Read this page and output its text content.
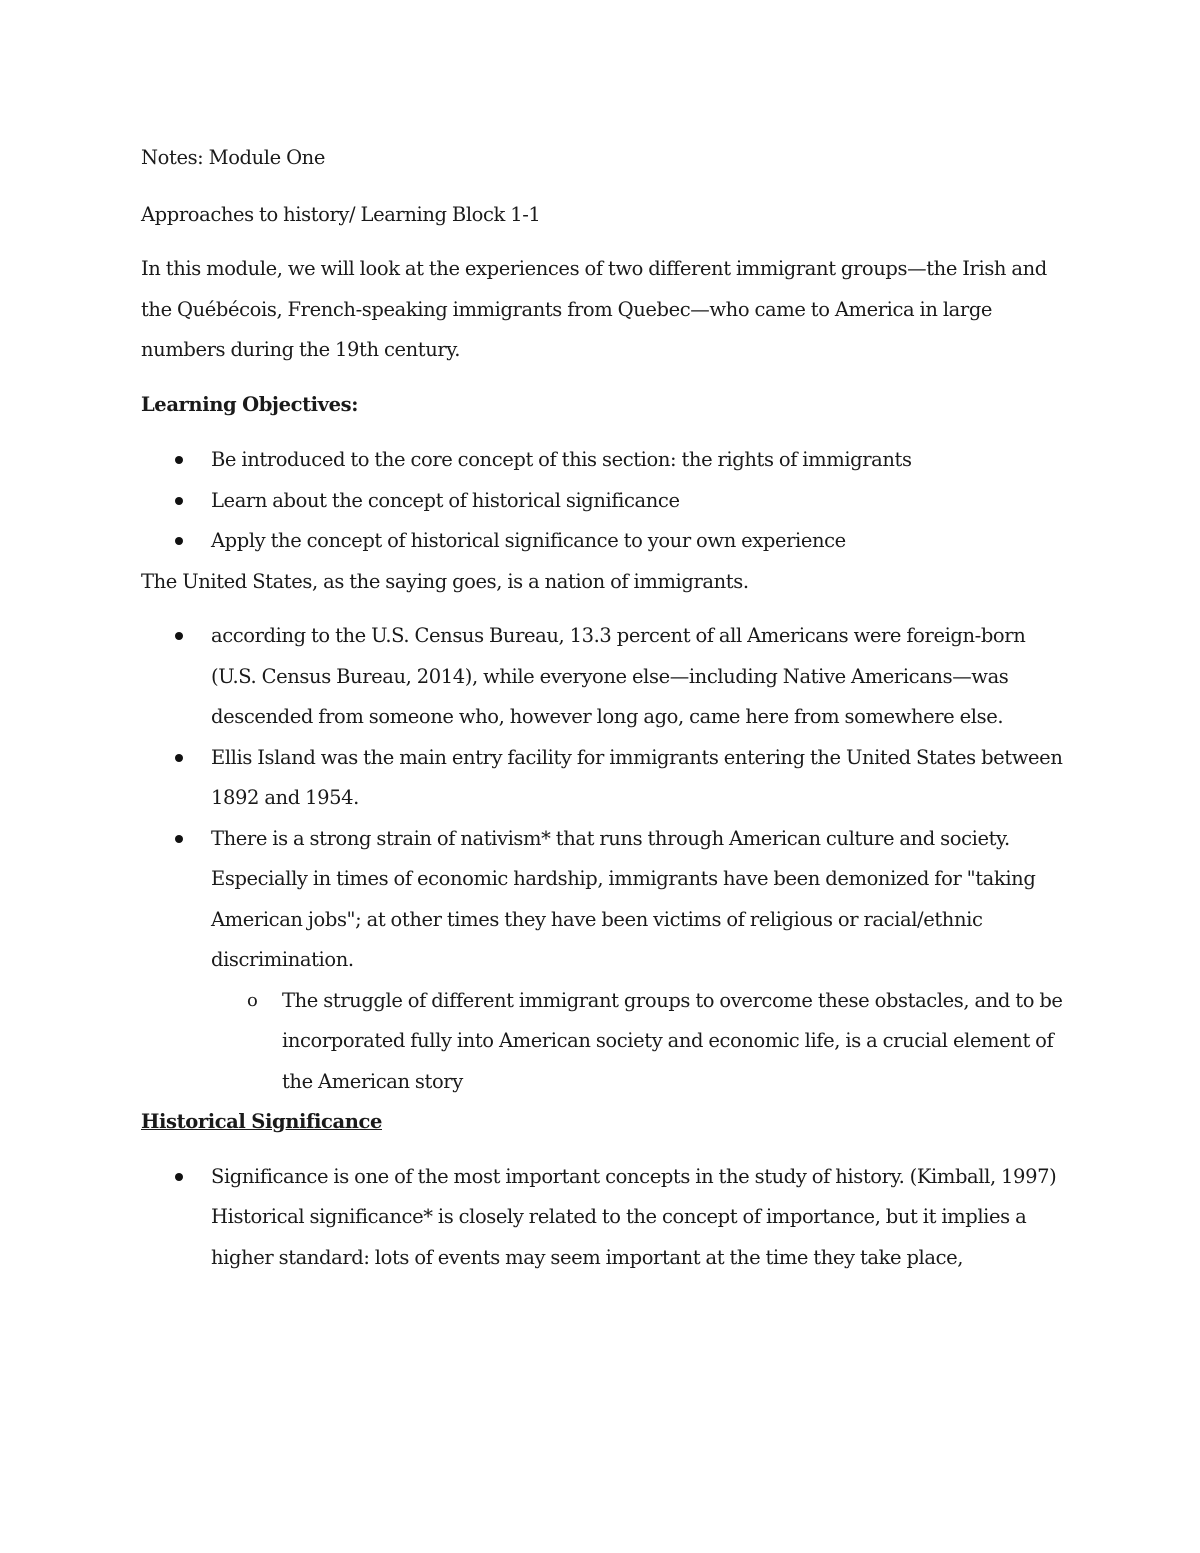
Notes: Module One

Approaches to history/ Learning Block 1-1

In this module, we will look at the experiences of two different immigrant groups—the Irish and the Québécois, French-speaking immigrants from Quebec—who came to America in large numbers during the 19th century.

Learning Objectives:

Be introduced to the core concept of this section: the rights of immigrants
Learn about the concept of historical significance
Apply the concept of historical significance to your own experience

The United States, as the saying goes, is a nation of immigrants.

according to the U.S. Census Bureau, 13.3 percent of all Americans were foreign-born (U.S. Census Bureau, 2014), while everyone else—including Native Americans—was descended from someone who, however long ago, came here from somewhere else.
Ellis Island was the main entry facility for immigrants entering the United States between 1892 and 1954.
There is a strong strain of nativism* that runs through American culture and society. Especially in times of economic hardship, immigrants have been demonized for "taking American jobs"; at other times they have been victims of religious or racial/ethnic discrimination.
o The struggle of different immigrant groups to overcome these obstacles, and to be incorporated fully into American society and economic life, is a crucial element of the American story

Historical Significance

Significance is one of the most important concepts in the study of history. (Kimball, 1997) Historical significance* is closely related to the concept of importance, but it implies a higher standard: lots of events may seem important at the time they take place,
